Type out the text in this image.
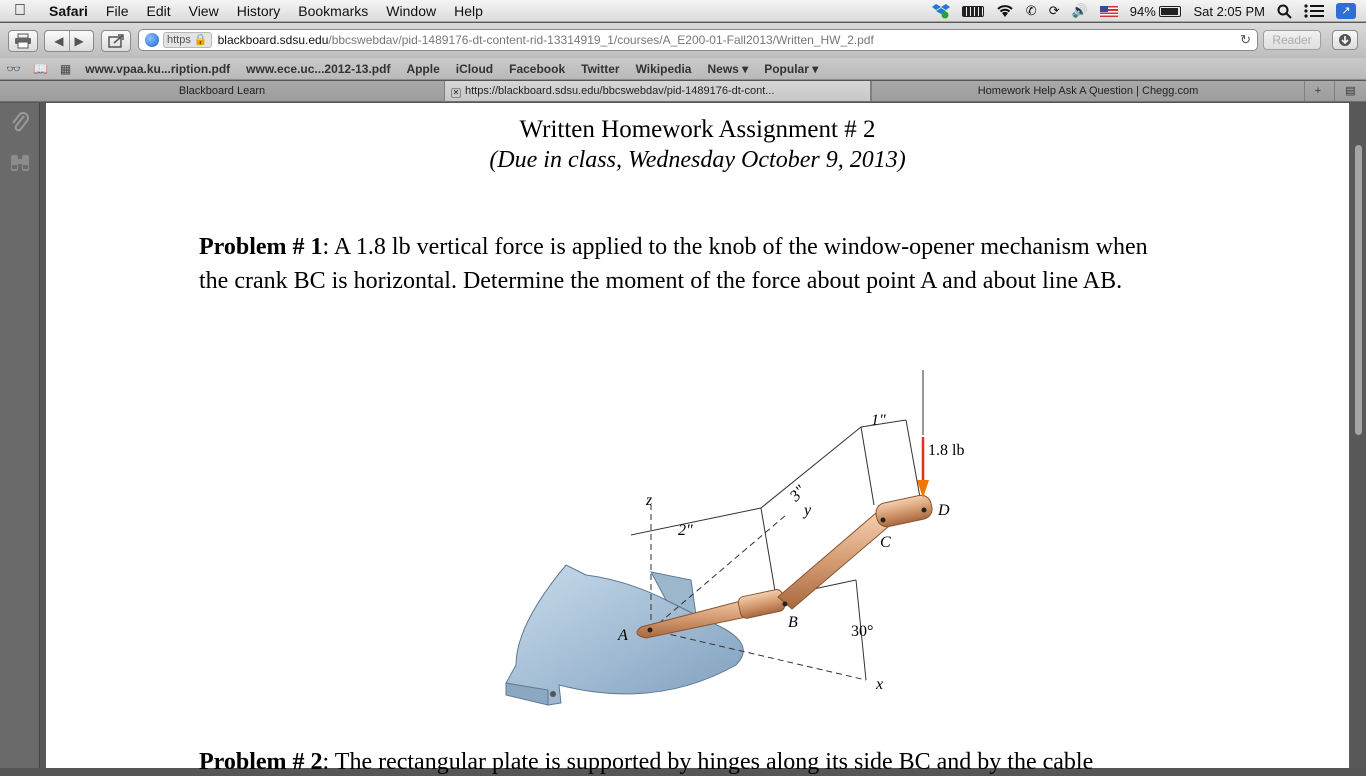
Safari	File	Edit	View	History	Bookmarks	Window	Help	✆ ⟳ 🔊	94%
	Sat 2:05 PM	↗
◀ ▶	https 🔒 blackboard.sdsu.edu /bbcswebdav/pid-1489176-dt-content-rid-13314919_1/courses/A_E200-01-Fall2013/Written_HW_2.pdf	↻	Reader
👓	📖	▦	www.vpaa.ku...ription.pdf	www.ece.uc...2012-13.pdf	Apple	iCloud	Facebook	Twitter	Wikipedia	News ▾	Popular ▾
Blackboard Learn	✕ https://blackboard.sdsu.edu/bbcswebdav/pid-1489176-dt-cont...	Homework Help Ask A Question | Chegg.com	+	▤
Written Homework Assignment # 2
(Due in class, Wednesday October 9, 2013)
Problem # 1: A 1.8 lb vertical force is applied to the knob of the window-opener mechanism when the crank BC is horizontal. Determine the moment of the force about point A and about line AB.
1.8 lb
1"
3"
2"
30°
A
B
C
D
x
y
z
Problem # 2: The rectangular plate is supported by hinges along its side BC and by the cable
